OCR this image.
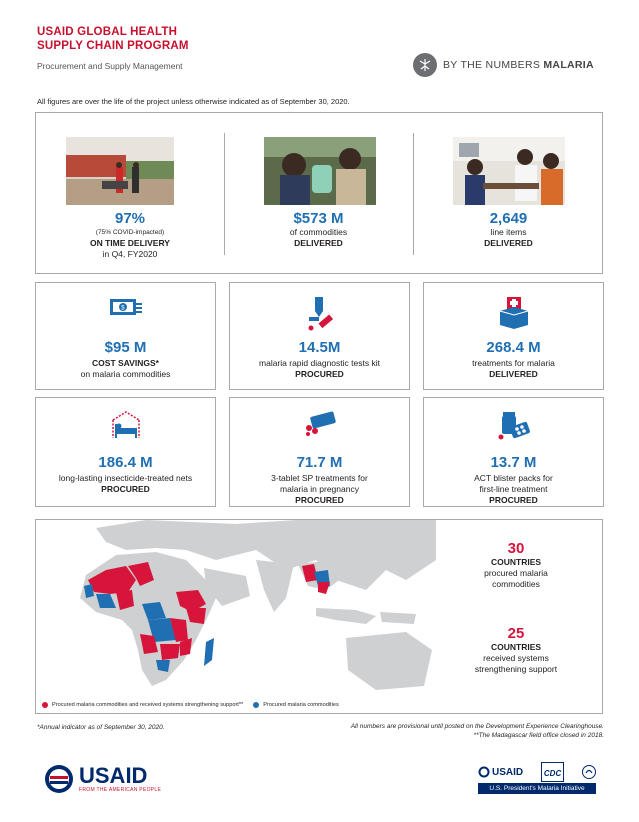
USAID GLOBAL HEALTH
SUPPLY CHAIN PROGRAM
Procurement and Supply Management	BY THE NUMBERS MALARIA
All figures are over the life of the project unless otherwise indicated as of September 30, 2020.
97%
(75% COVID-impacted)
ON TIME DELIVERY
in Q4, FY2020
$573 M
of commodities
DELIVERED
2,649
line items
DELIVERED
$
$95 M
COST SAVINGS*
on malaria commodities
14.5M
malaria rapid diagnostic tests kit
PROCURED
268.4 M
treatments for malaria
DELIVERED
186.4 M
long-lasting insecticide-treated nets
PROCURED
71.7 M
3-tablet SP treatments for
malaria in pregnancy
PROCURED
13.7 M
ACT blister packs for
first-line treatment
PROCURED
30
COUNTRIES
procured malaria
commodities
25
COUNTRIES
received systems
strengthening support
Procured malaria commodities and received systems strengthening support**	Procured malaria commodities
*Annual indicator as of September 30, 2020.	All numbers are provisional until posted on the Development Experience Clearinghouse.
**The Madagascar field office closed in 2018.
USAID
FROM THE AMERICAN PEOPLE
USAID	CDC
U.S. President's Malaria Initiative
